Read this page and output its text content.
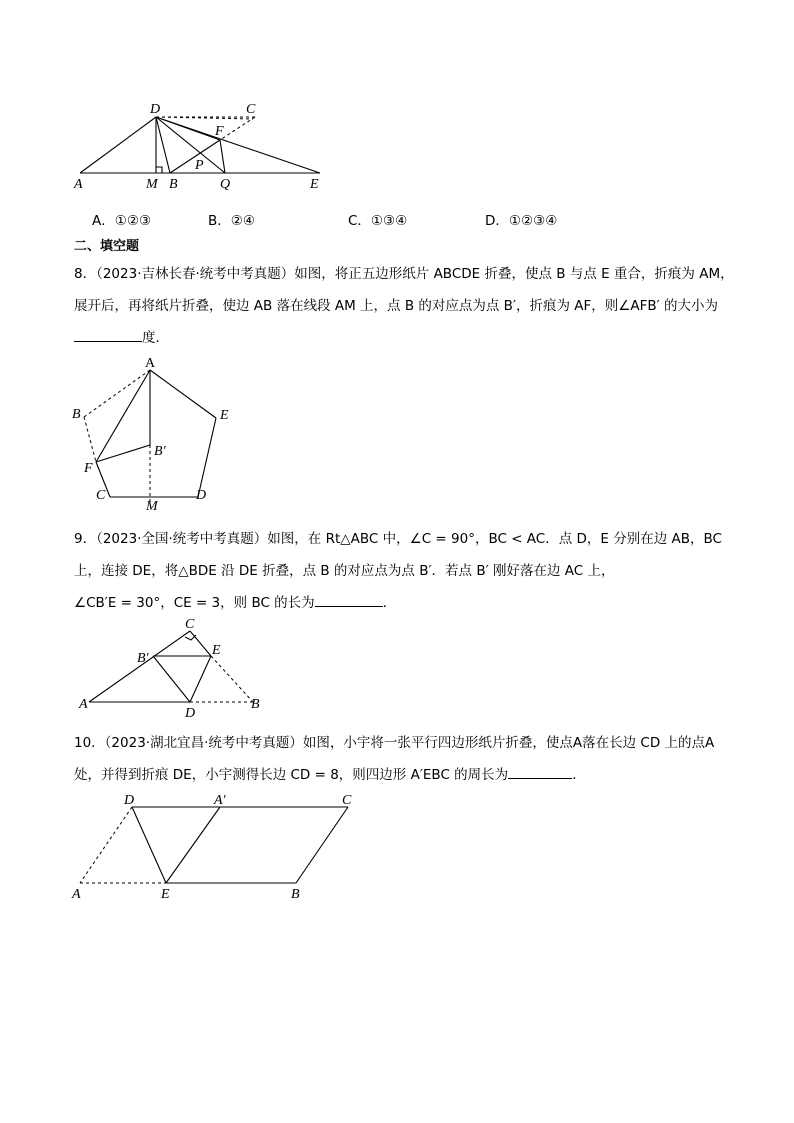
D	C
F
P
A	M B	Q	E
A．①②③	B．②④	C．①③④	D．①②③④
二、填空题
8．（2023·吉林长春·统考中考真题）如图，将正五边形纸片 ABCDE 折叠，使点 B 与点 E 重合，折痕为 AM，
展开后，再将纸片折叠，使边 AB 落在线段 AM 上，点 B 的对应点为点 B′，折痕为 AF，则∠AFB′ 的大小为
度．
A
B	E
B′
F
C
M
D
9．（2023·全国·统考中考真题）如图，在 Rt△ABC 中，∠C = 90°，BC < AC．点 D，E 分别在边 AB，BC
上，连接 DE，将△BDE 沿 DE 折叠，点 B 的对应点为点 B′．若点 B′ 刚好落在边 AC 上，
∠CB′E = 30°，CE = 3，则 BC 的长为	．
C
B′
E
A
D
B
10．（2023·湖北宜昌·统考中考真题）如图，小宇将一张平行四边形纸片折叠，使点A落在长边 CD 上的点A
处，并得到折痕 DE，小宇测得长边 CD = 8，则四边形 A′EBC 的周长为	．
D	A′	C
A	E	B
